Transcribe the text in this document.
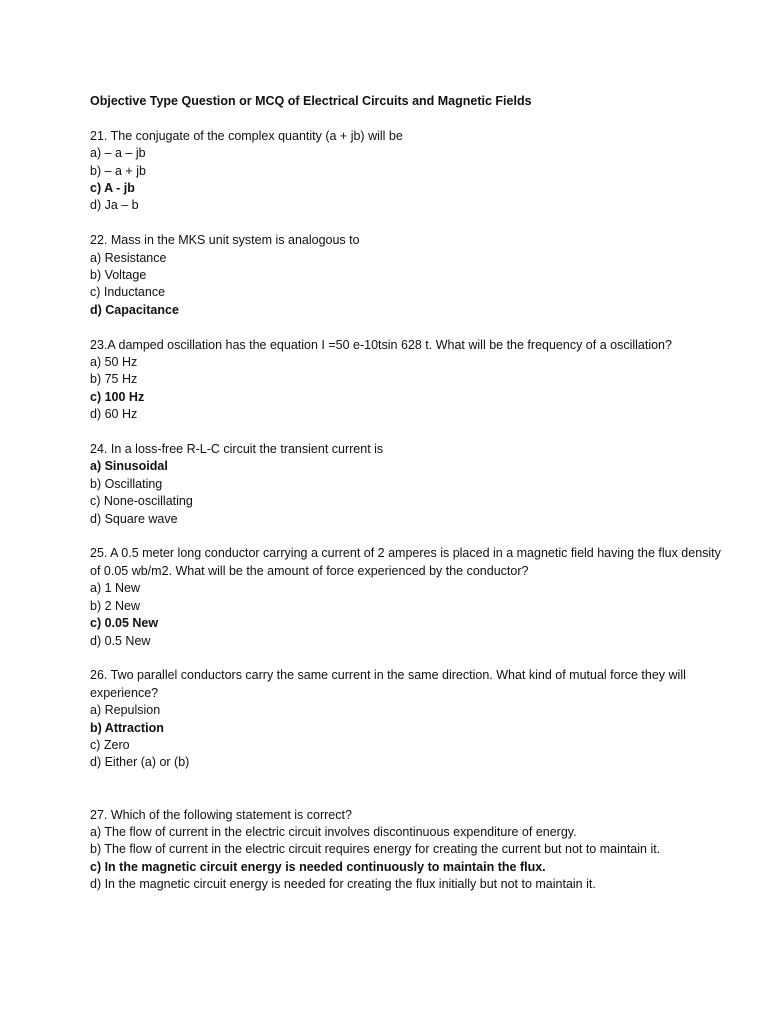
Objective Type Question or MCQ of Electrical Circuits and Magnetic Fields
21. The conjugate of the complex quantity (a + jb) will be
a) – a – jb
b) – a + jb
c) A - jb
d) Ja – b
22. Mass in the MKS unit system is analogous to
a) Resistance
b) Voltage
c) Inductance
d) Capacitance
23.A damped oscillation has the equation I =50 e-10tsin 628 t. What will be the frequency of a oscillation?
a) 50 Hz
b) 75 Hz
c) 100 Hz
d) 60 Hz
24. In a loss-free R-L-C circuit the transient current is
a) Sinusoidal
b) Oscillating
c) None-oscillating
d) Square wave
25. A 0.5 meter long conductor carrying a current of 2 amperes is placed in a magnetic field having the flux density of 0.05 wb/m2. What will be the amount of force experienced by the conductor?
a) 1 New
b) 2 New
c) 0.05 New
d) 0.5 New
26. Two parallel conductors carry the same current in the same direction. What kind of mutual force they will experience?
a) Repulsion
b) Attraction
c) Zero
d) Either (a) or (b)
27. Which of the following statement is correct?
a) The flow of current in the electric circuit involves discontinuous expenditure of energy.
b) The flow of current in the electric circuit requires energy for creating the current but not to maintain it.
c) In the magnetic circuit energy is needed continuously to maintain the flux.
d) In the magnetic circuit energy is needed for creating the flux initially but not to maintain it.
